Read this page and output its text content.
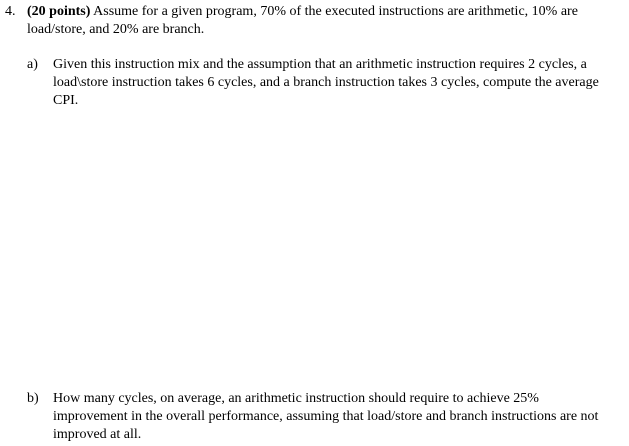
4. (20 points) Assume for a given program, 70% of the executed instructions are arithmetic, 10% are
load/store, and 20% are branch.
a) Given this instruction mix and the assumption that an arithmetic instruction requires 2 cycles, a
load\store instruction takes 6 cycles, and a branch instruction takes 3 cycles, compute the average
CPI.
b) How many cycles, on average, an arithmetic instruction should require to achieve 25%
improvement in the overall performance, assuming that load/store and branch instructions are not
improved at all.
